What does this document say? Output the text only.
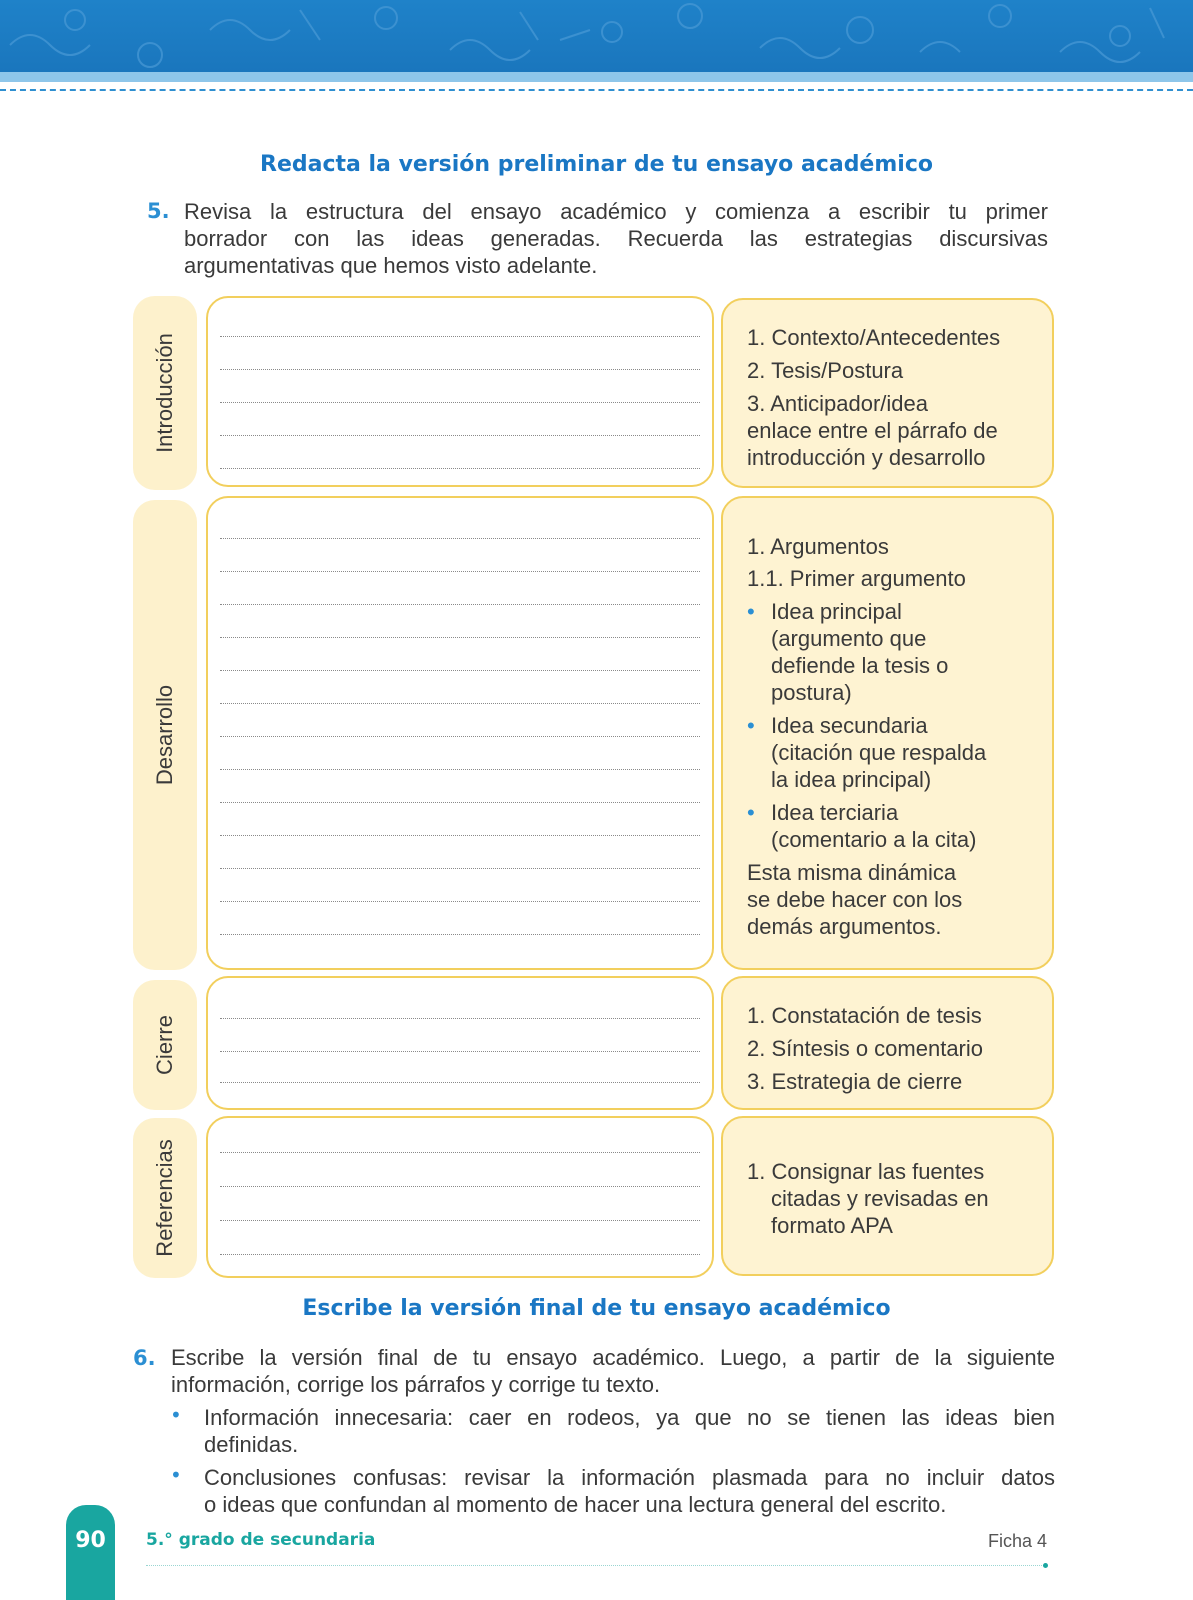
Redacta la versión preliminar de tu ensayo académico
5. Revisa la estructura del ensayo académico y comienza a escribir tu primer
borrador con las ideas generadas. Recuerda las estrategias discursivas
argumentativas que hemos visto adelante.
Introducción	1. Contexto/Antecedentes
2. Tesis/Postura
3. Anticipador/idea
enlace entre el párrafo de
introducción y desarrollo
Desarrollo
1. Argumentos
1.1. Primer argumento
• Idea principal
(argumento que
defiende la tesis o
postura)
• Idea secundaria
(citación que respalda
la idea principal)
• Idea terciaria
(comentario a la cita)
Esta misma dinámica
se debe hacer con los
demás argumentos.
Cierre	1. Constatación de tesis
2. Síntesis o comentario
3. Estrategia de cierre
Referencias	1. Consignar las fuentes
citadas y revisadas en
formato APA
Escribe la versión final de tu ensayo académico
6. Escribe la versión final de tu ensayo académico. Luego, a partir de la siguiente
información, corrige los párrafos y corrige tu texto.
• Información innecesaria: caer en rodeos, ya que no se tienen las ideas bien
definidas.
• Conclusiones confusas: revisar la información plasmada para no incluir datos
o ideas que confundan al momento de hacer una lectura general del escrito.
90	5.° grado de secundaria	Ficha 4
